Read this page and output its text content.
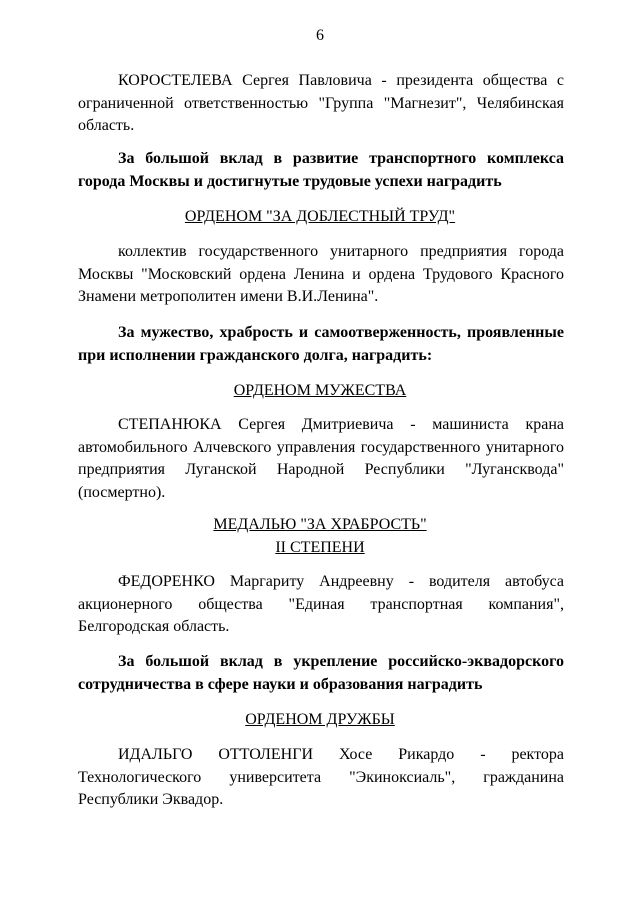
6
КОРОСТЕЛЕВА Сергея Павловича - президента общества с ограниченной ответственностью "Группа "Магнезит", Челябинская область.
За большой вклад в развитие транспортного комплекса города Москвы и достигнутые трудовые успехи наградить
ОРДЕНОМ "ЗА ДОБЛЕСТНЫЙ ТРУД"
коллектив государственного унитарного предприятия города Москвы "Московский ордена Ленина и ордена Трудового Красного Знамени метрополитен имени В.И.Ленина".
За мужество, храбрость и самоотверженность, проявленные при исполнении гражданского долга, наградить:
ОРДЕНОМ МУЖЕСТВА
СТЕПАНЮКА Сергея Дмитриевича - машиниста крана автомобильного Алчевского управления государственного унитарного предприятия Луганской Народной Республики "Лугансквода" (посмертно).
МЕДАЛЬЮ "ЗА ХРАБРОСТЬ"
II СТЕПЕНИ
ФЕДОРЕНКО Маргариту Андреевну - водителя автобуса акционерного общества "Единая транспортная компания", Белгородская область.
За большой вклад в укрепление российско-эквадорского сотрудничества в сфере науки и образования наградить
ОРДЕНОМ ДРУЖБЫ
ИДАЛЬГО ОТТОЛЕНГИ Хосе Рикардо - ректора Технологического университета "Экиноксиаль", гражданина Республики Эквадор.
